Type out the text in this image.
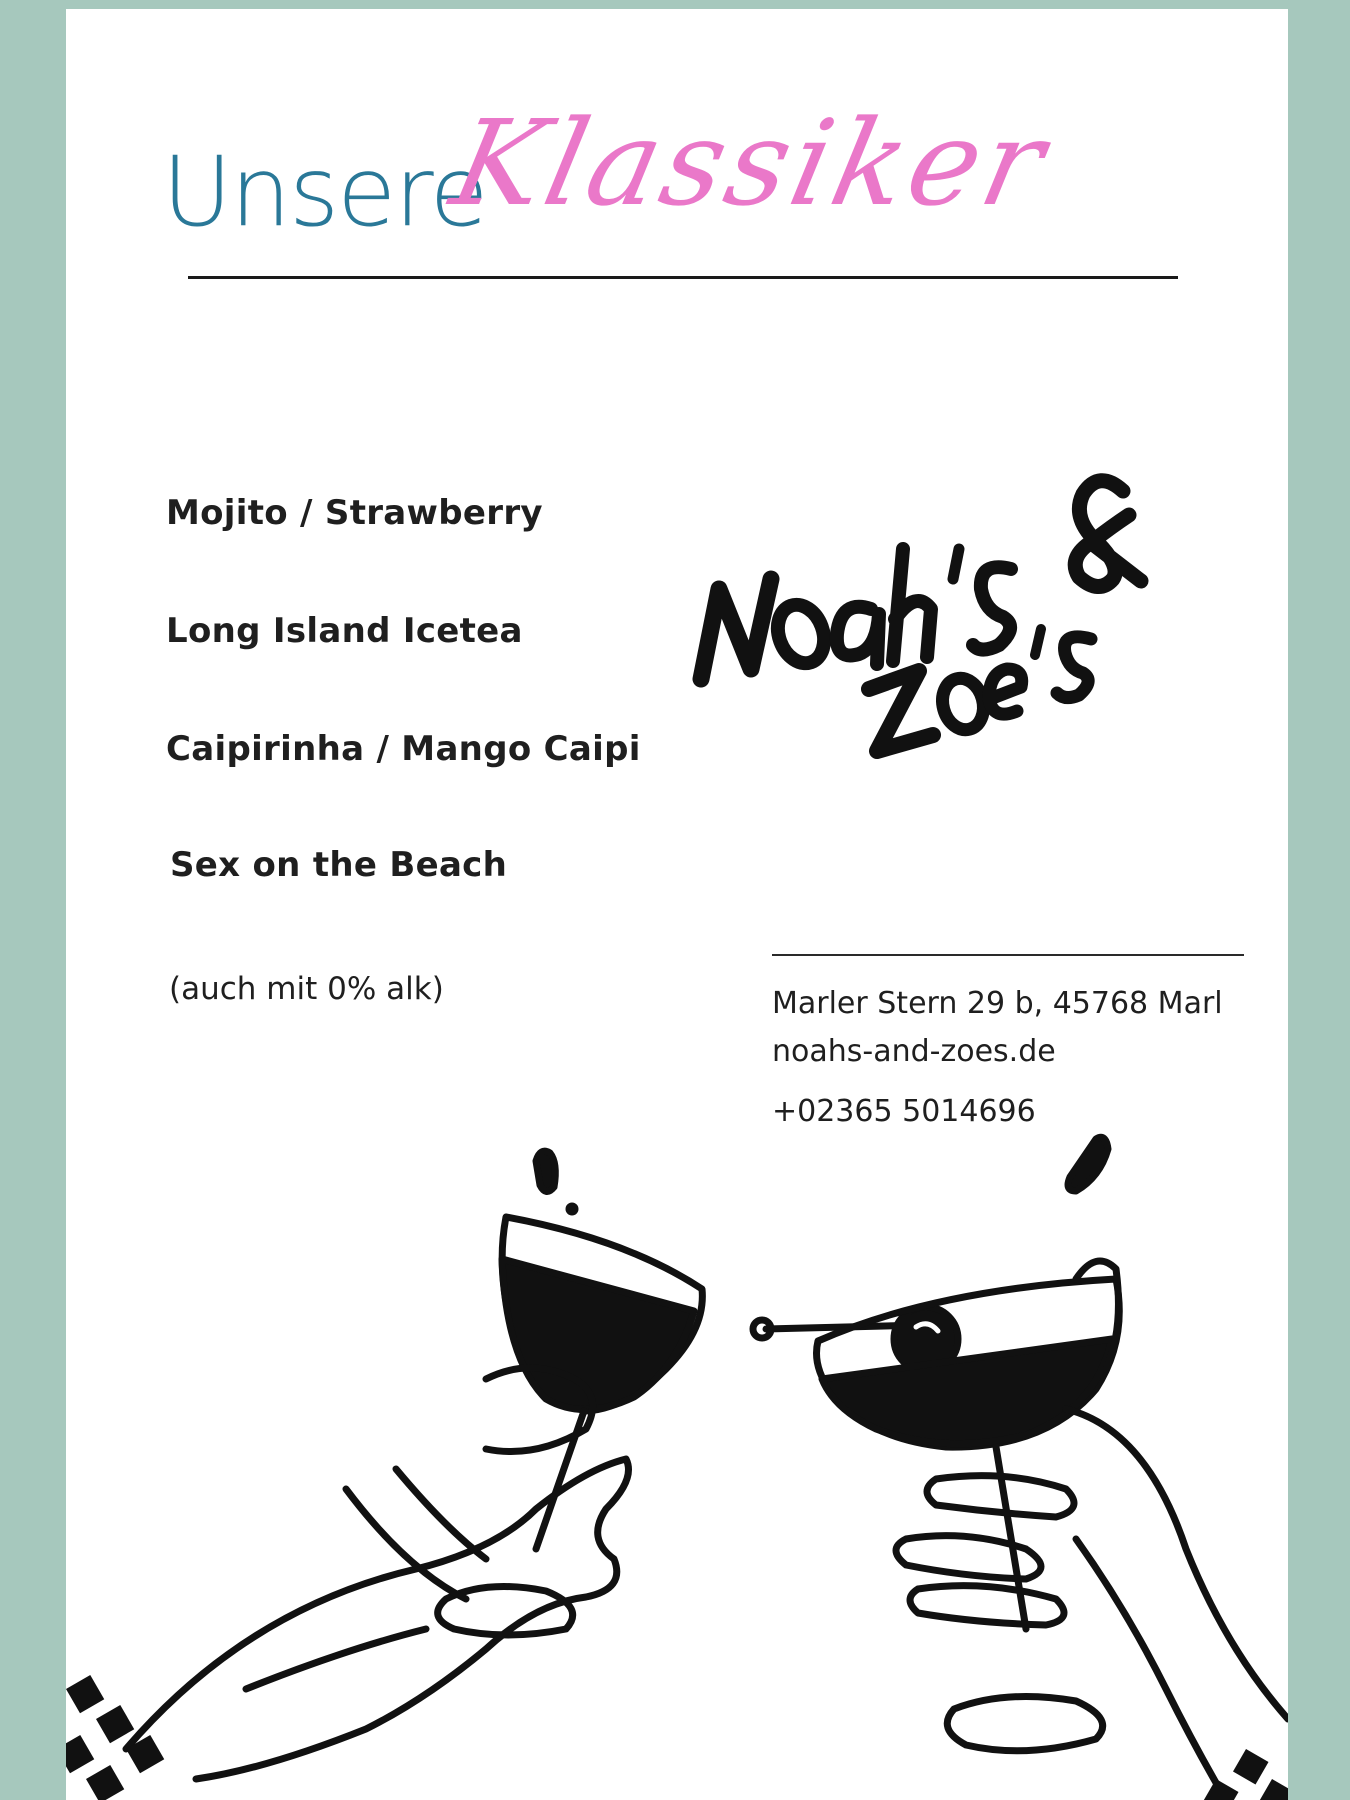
Unsere
Klassiker
Mojito / Strawberry
Long Island Icetea
Caipirinha / Mango Caipi
Sex on the Beach
(auch mit 0% alk)	Marler Stern 29 b, 45768 Marl
noahs-and-zoes.de
+02365 5014696
